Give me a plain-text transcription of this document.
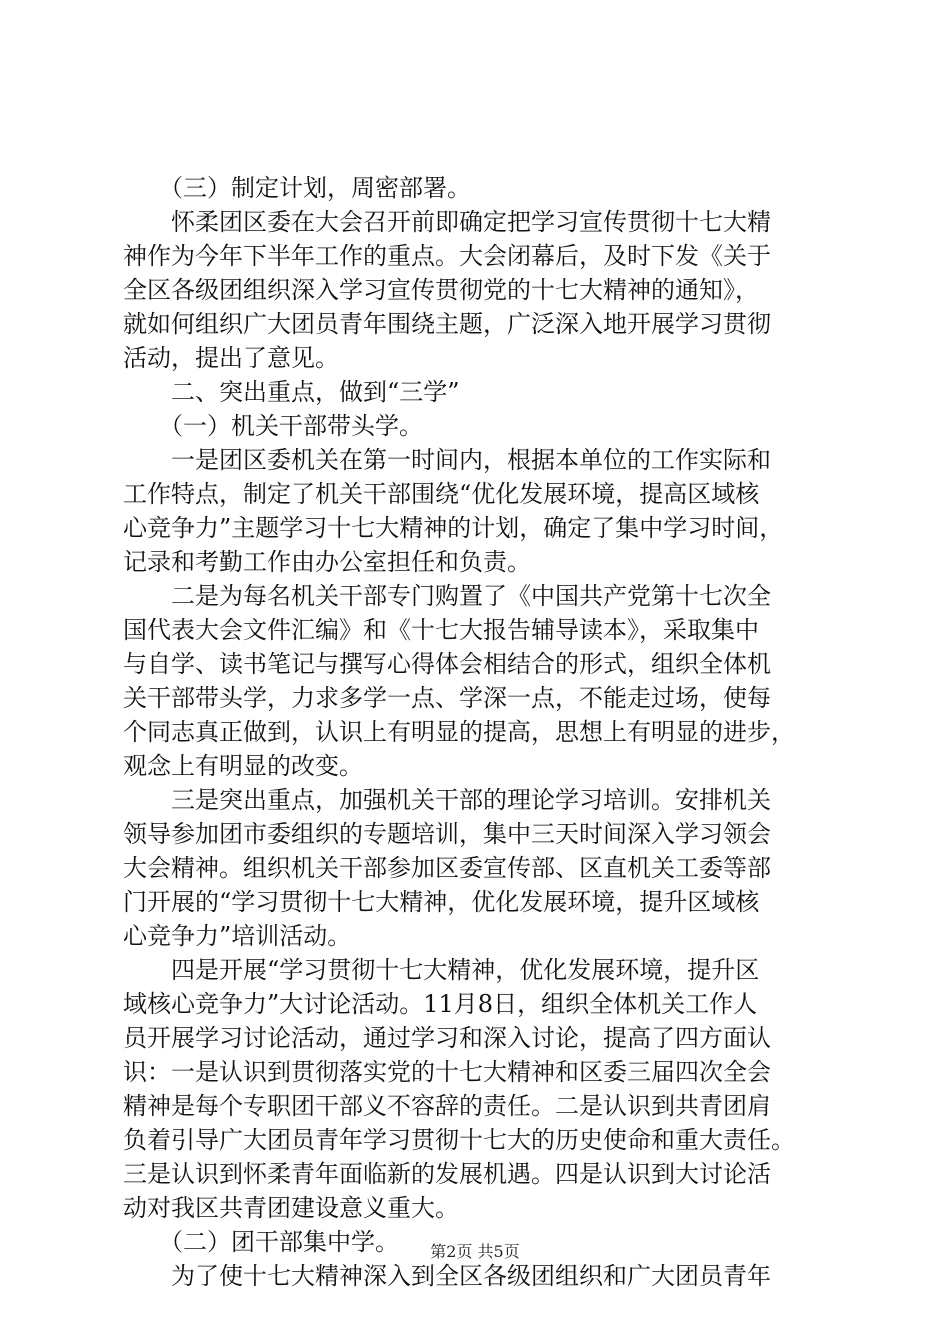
　　（三）制定计划，周密部署。
　　怀柔团区委在大会召开前即确定把学习宣传贯彻十七大精
神作为今年下半年工作的重点。大会闭幕后，及时下发《关于
全区各级团组织深入学习宣传贯彻党的十七大精神的通知》，
就如何组织广大团员青年围绕主题，广泛深入地开展学习贯彻
活动，提出了意见。
　　二、突出重点，做到“三学”
　　（一）机关干部带头学。
　　一是团区委机关在第一时间内，根据本单位的工作实际和
工作特点，制定了机关干部围绕“优化发展环境，提高区域核
心竞争力”主题学习十七大精神的计划，确定了集中学习时间，
记录和考勤工作由办公室担任和负责。
　　二是为每名机关干部专门购置了《中国共产党第十七次全
国代表大会文件汇编》和《十七大报告辅导读本》，采取集中
与自学、读书笔记与撰写心得体会相结合的形式，组织全体机
关干部带头学，力求多学一点、学深一点，不能走过场，使每
个同志真正做到，认识上有明显的提高，思想上有明显的进步，
观念上有明显的改变。
　　三是突出重点，加强机关干部的理论学习培训。安排机关
领导参加团市委组织的专题培训，集中三天时间深入学习领会
大会精神。组织机关干部参加区委宣传部、区直机关工委等部
门开展的“学习贯彻十七大精神，优化发展环境，提升区域核
心竞争力”培训活动。
　　四是开展“学习贯彻十七大精神，优化发展环境，提升区
域核心竞争力”大讨论活动。11月8日，组织全体机关工作人
员开展学习讨论活动，通过学习和深入讨论，提高了四方面认
识：一是认识到贯彻落实党的十七大精神和区委三届四次全会
精神是每个专职团干部义不容辞的责任。二是认识到共青团肩
负着引导广大团员青年学习贯彻十七大的历史使命和重大责任。
三是认识到怀柔青年面临新的发展机遇。四是认识到大讨论活
动对我区共青团建设意义重大。
　　（二）团干部集中学。
　　为了使十七大精神深入到全区各级团组织和广大团员青年
第2页 共5页
